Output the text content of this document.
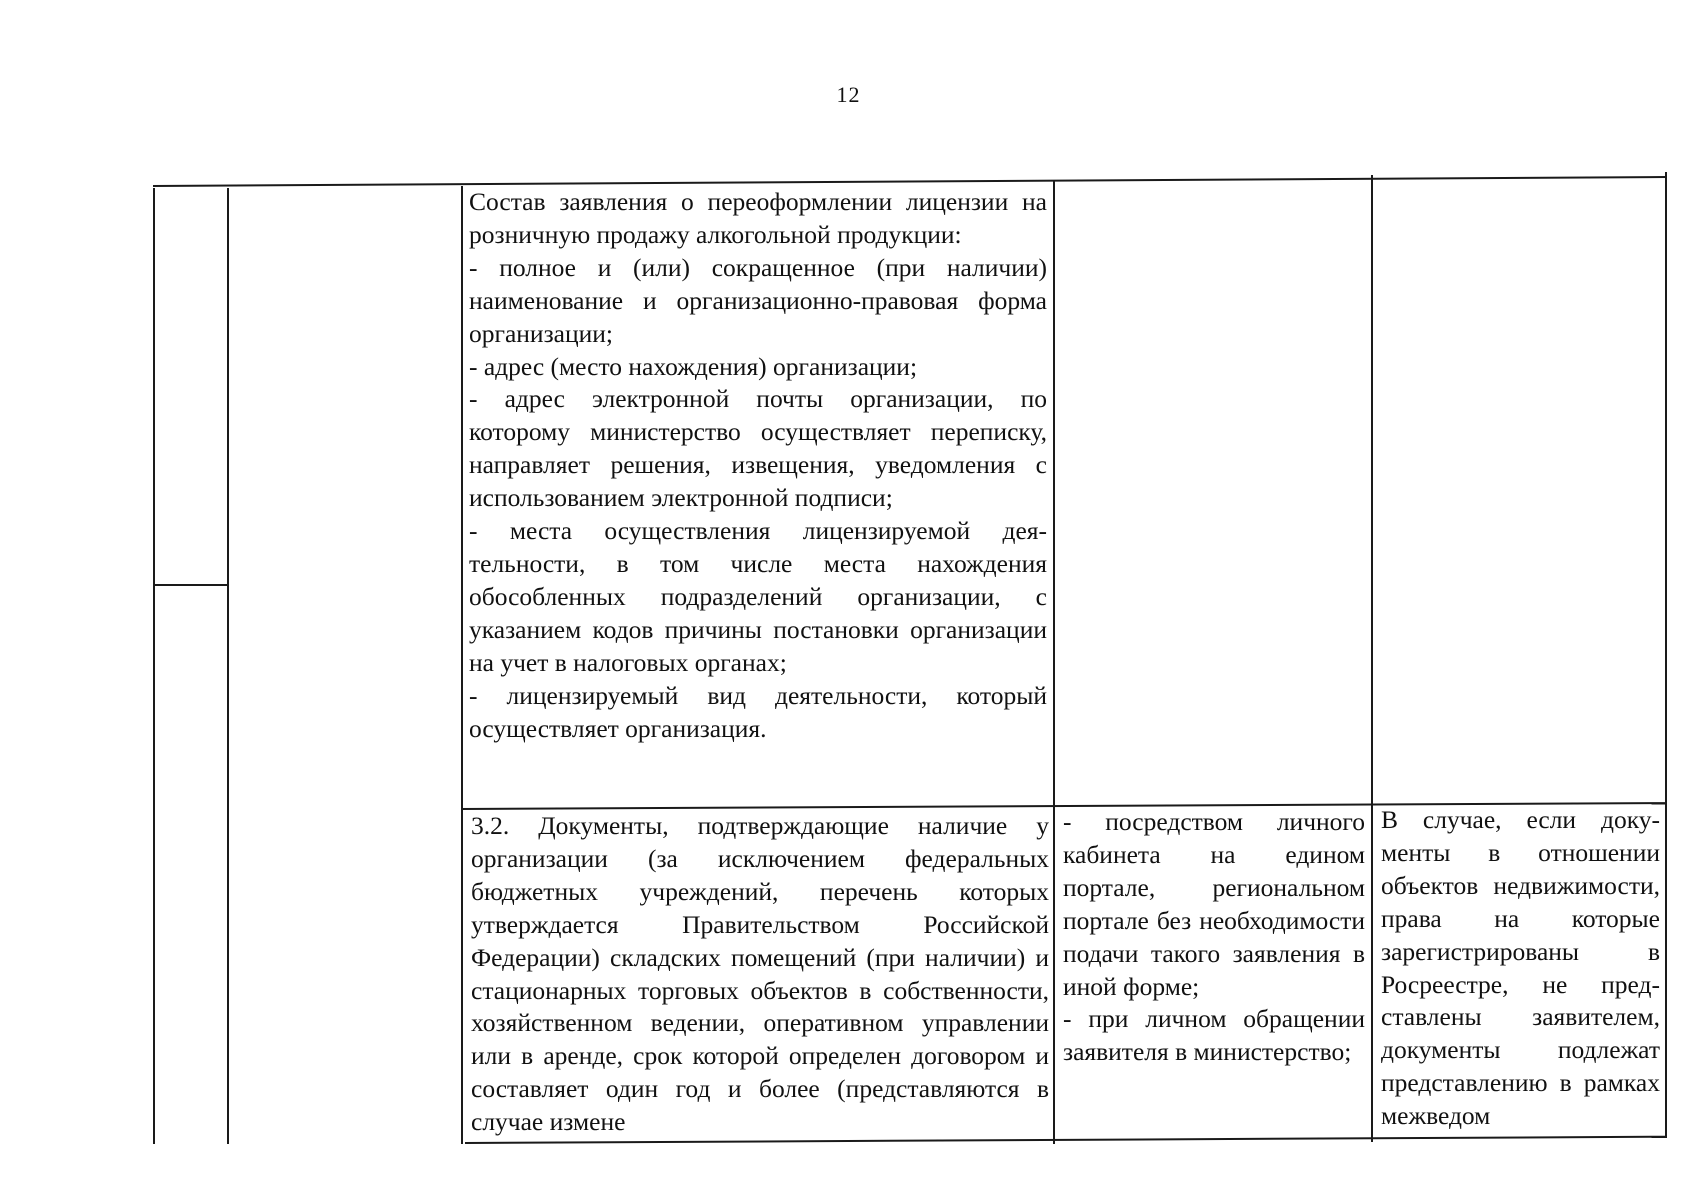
12

Состав заявления о переоформлении лицензии на розничную продажу алкогольной продукции:

- полное и (или) сокращенное (при наличии) наименование и организационно-правовая форма организации;

- адрес (место нахождения) организации;

- адрес электронной почты организации, по которому министерство осуществляет переписку, направляет решения, извещения, уведомления с использованием электронной подписи;

- места осуществления лицензируемой деятельности, в том числе места нахождения обособленных подразделений организации, с указанием кодов причины постановки организации на учет в налоговых органах;

- лицензируемый вид деятельности, который осуществляет организация.

3.2. Документы, подтверждающие наличие у организации (за исключением федеральных бюджетных учреждений, перечень которых утверждается Правительством Российской Федерации) складских помещений (при наличии) и стационарных торговых объектов в собственности, хозяйственном ведении, оперативном управлении или в аренде, срок которой определен договором и составляет один год и более (представляются в случае измене

- посредством личного кабинета на едином портале, региональном портале без необходимости подачи такого заявления в иной форме;

- при личном обращении заявителя в министерство;

В случае, если документы в отношении объектов недвижимости, права на которые зарегистрированы в Росреестре, не представлены заявителем, документы подлежат представлению в рамках межведом
